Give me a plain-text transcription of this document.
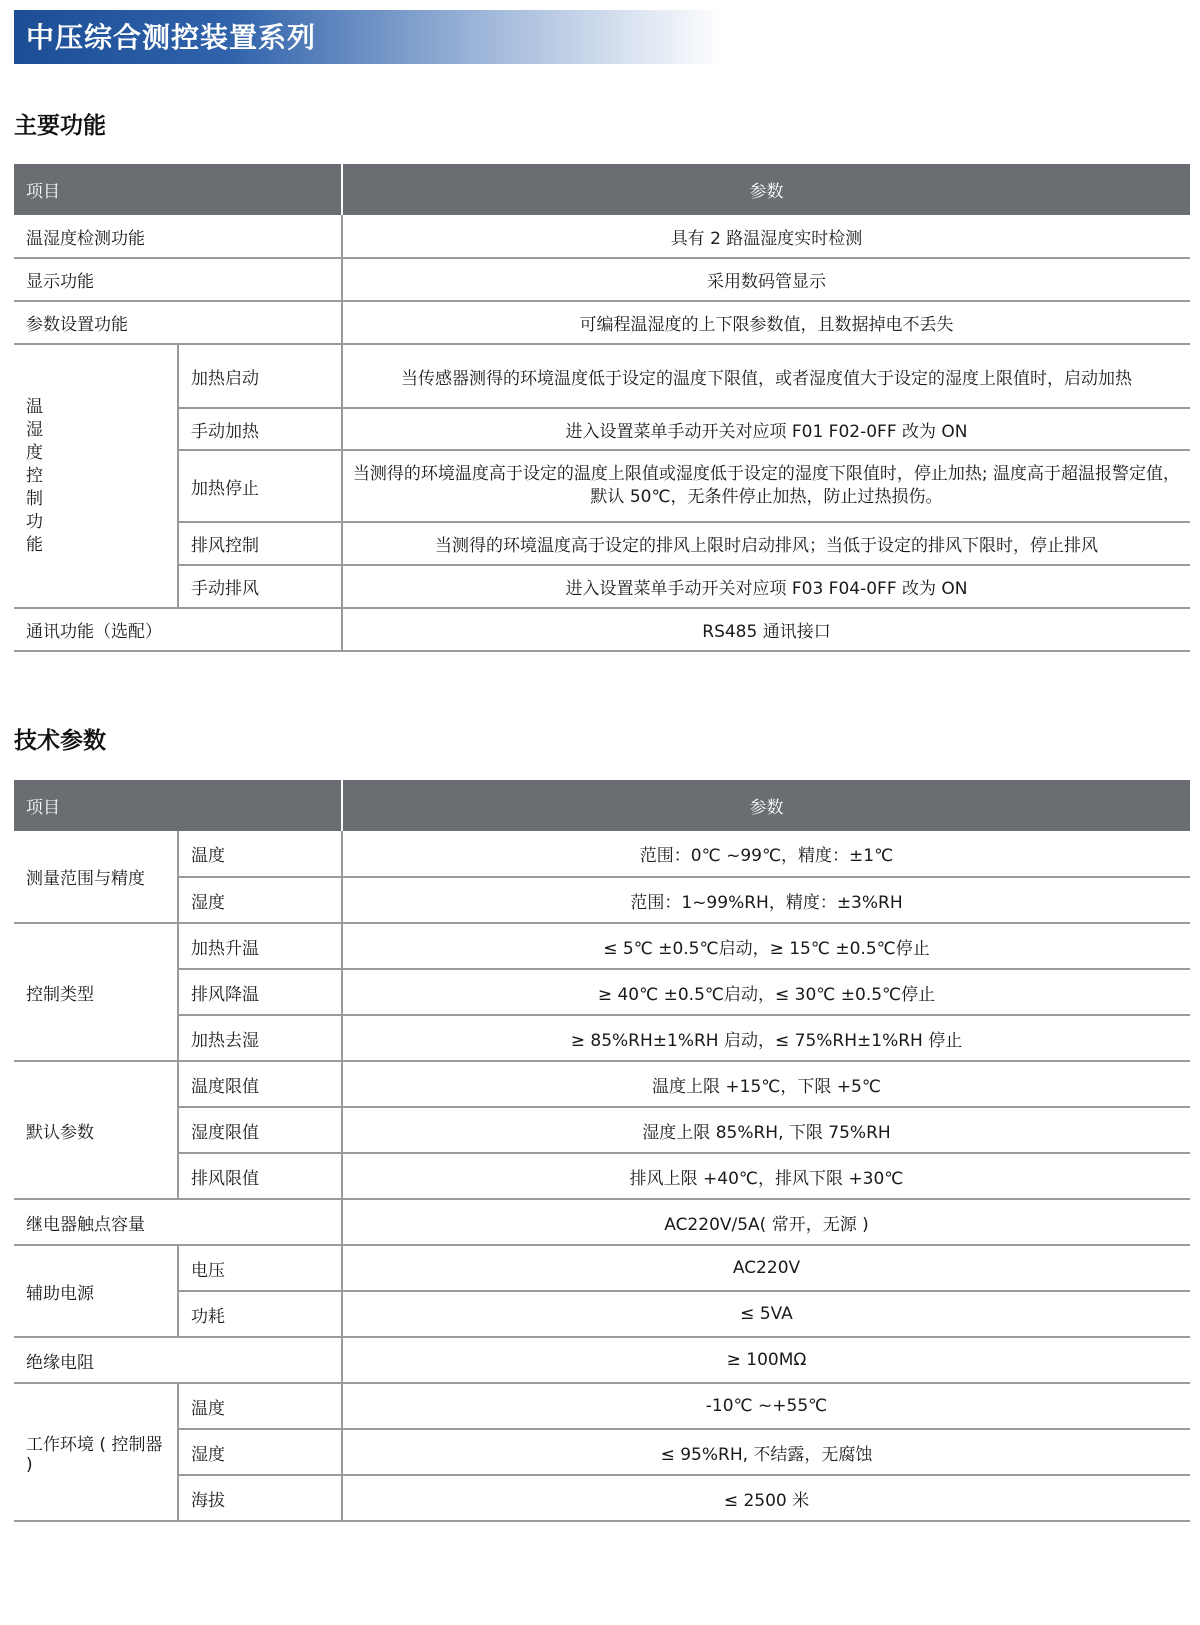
中压综合测控装置系列
主要功能
项目		参数
温湿度检测功能		具有 2 路温湿度实时检测
显示功能		采用数码管显示
参数设置功能		可编程温湿度的上下限参数值，且数据掉电不丢失

温湿度控制功能	加热启动	当传感器测得的环境温度低于设定的温度下限值，或者湿度值大于设定的湿度上限值时，启动加热
	手动加热	进入设置菜单手动开关对应项 F01 F02-0FF 改为 ON
	加热停止	当测得的环境温度高于设定的温度上限值或湿度低于设定的湿度下限值时，停止加热; 温度高于超温报警定值，默认 50℃，无条件停止加热，防止过热损伤。
	排风控制	当测得的环境温度高于设定的排风上限时启动排风；当低于设定的排风下限时，停止排风
	手动排风	进入设置菜单手动开关对应项 F03 F04-0FF 改为 ON
通讯功能（选配）		RS485 通讯接口
技术参数
项目		参数
测量范围与精度	温度	范围：0℃ ~99℃，精度：±1℃
	湿度	范围：1~99%RH，精度：±3%RH
控制类型	加热升温	≤ 5℃ ±0.5℃启动，≥ 15℃ ±0.5℃停止
	排风降温	≥ 40℃ ±0.5℃启动，≤ 30℃ ±0.5℃停止
	加热去湿	≥ 85%RH±1%RH 启动，≤ 75%RH±1%RH 停止
默认参数	温度限值	温度上限 +15℃，下限 +5℃
	湿度限值	湿度上限 85%RH, 下限 75%RH
	排风限值	排风上限 +40℃，排风下限 +30℃
继电器触点容量		AC220V/5A( 常开，无源 )
辅助电源	电压	AC220V
	功耗	≤ 5VA
绝缘电阻		≥ 100MΩ
工作环境 ( 控制器 )	温度	-10℃ ~+55℃
	湿度	≤ 95%RH, 不结露，无腐蚀
	海拔	≤ 2500 米
